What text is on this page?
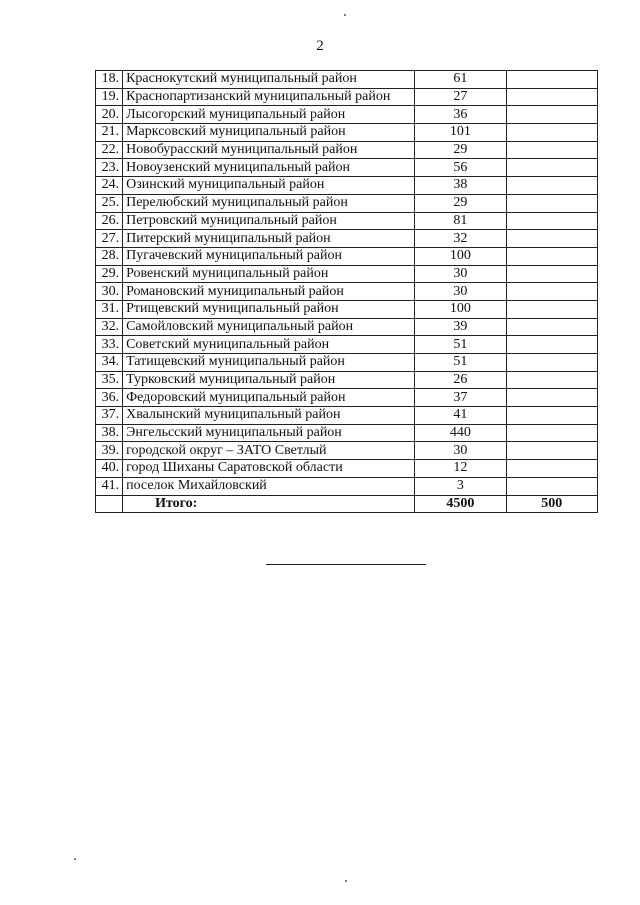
2
18.	Краснокутский муниципальный район	61	
19.	Краснопартизанский муниципальный район	27	
20.	Лысогорский муниципальный район	36	
21.	Марксовский муниципальный район	101	
22.	Новобурасский муниципальный район	29	
23.	Новоузенский муниципальный район	56	
24.	Озинский муниципальный район	38	
25.	Перелюбский муниципальный район	29	
26.	Петровский муниципальный район	81	
27.	Питерский муниципальный район	32	
28.	Пугачевский муниципальный район	100	
29.	Ровенский муниципальный район	30	
30.	Романовский муниципальный район	30	
31.	Ртищевский муниципальный район	100	
32.	Самойловский муниципальный район	39	
33.	Советский муниципальный район	51	
34.	Татищевский муниципальный район	51	
35.	Турковский муниципальный район	26	
36.	Федоровский муниципальный район	37	
37.	Хвалынский муниципальный район	41	
38.	Энгельсский муниципальный район	440	
39.	городской округ – ЗАТО Светлый	30	
40.	город Шиханы Саратовской области	12	
41.	поселок Михайловский	3	
	Итого:	4500	500
